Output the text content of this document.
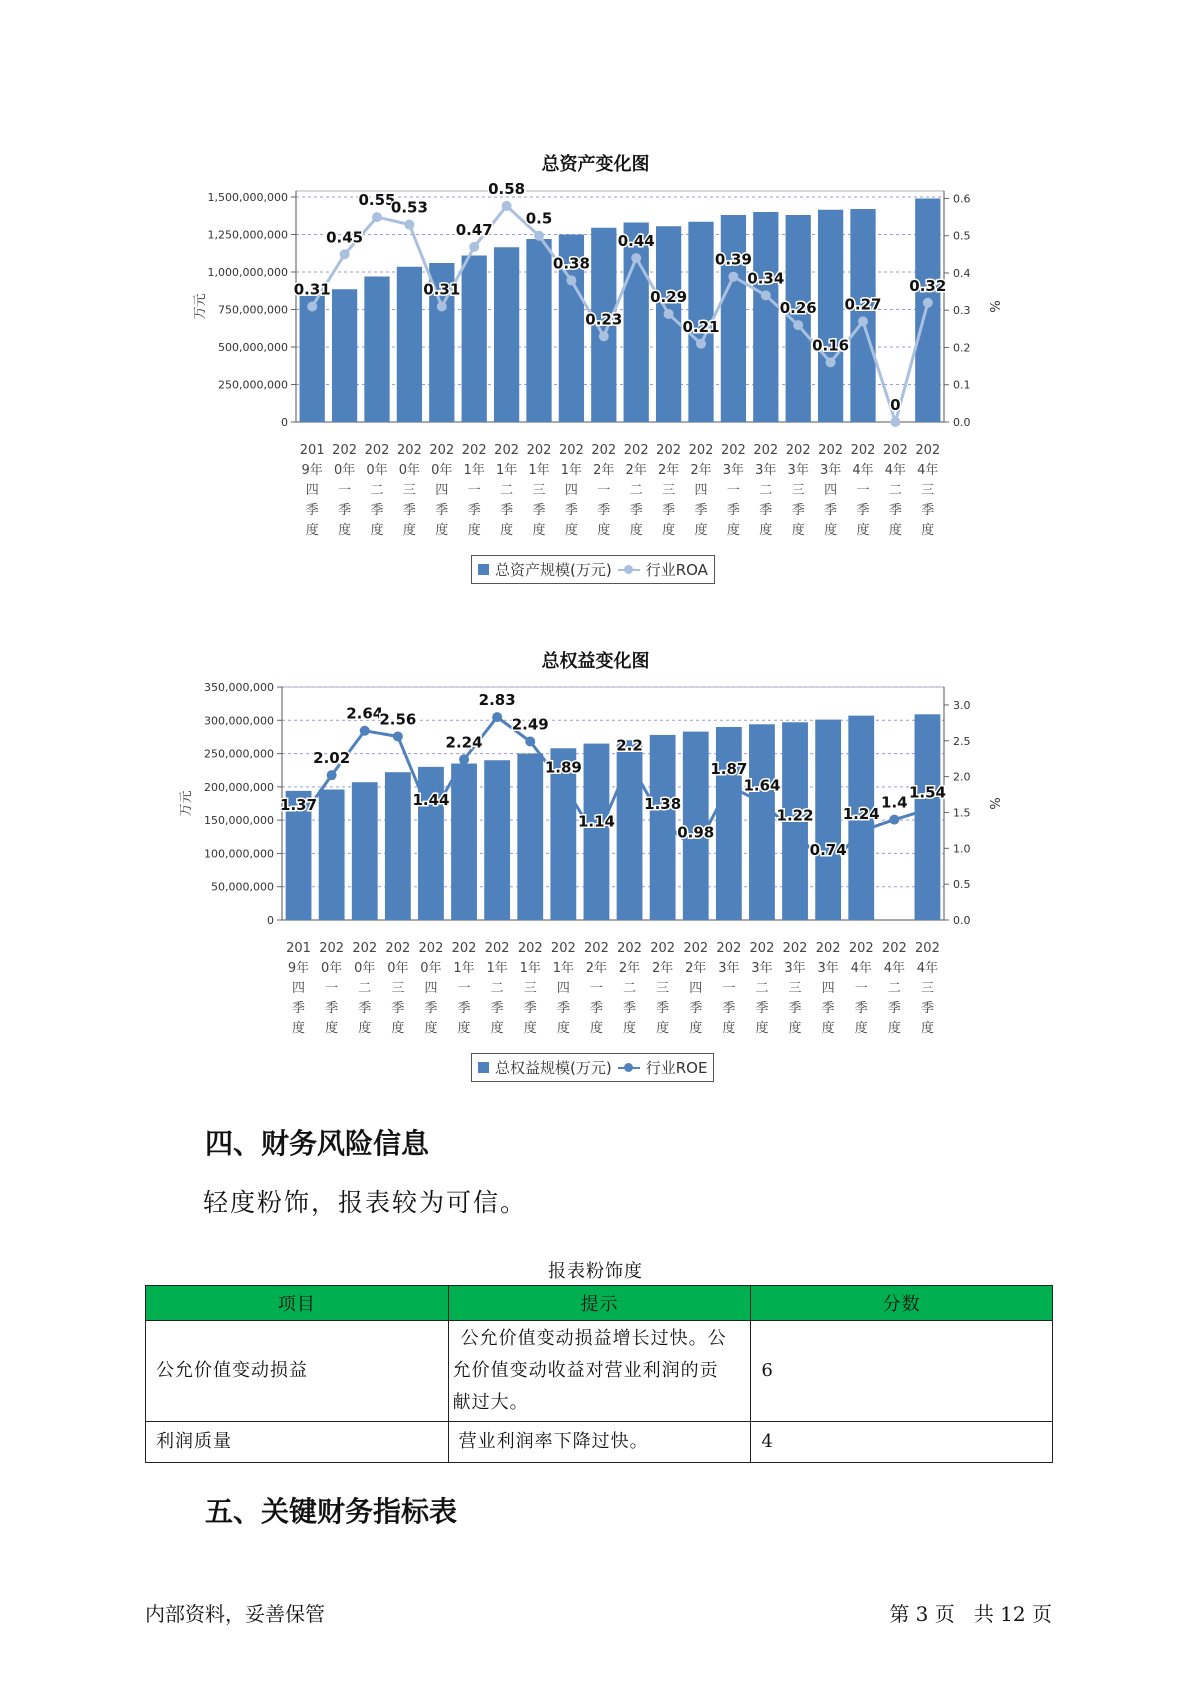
总资产变化图
0
250,000,000
500,000,000
750,000,000
1,000,000,000
1,250,000,000
1,500,000,000
0.0
0.1
0.2
0.3
0.4
0.5
0.6
万元	%
201
9年
四
季
度
202
0年
一
季
度
202
0年
二
季
度
202
0年
三
季
度
202
0年
四
季
度
202
1年
一
季
度
202
1年
二
季
度
202
1年
三
季
度
202
1年
四
季
度
202
2年
一
季
度
202
2年
二
季
度
202
2年
三
季
度
202
2年
四
季
度
202
3年
一
季
度
202
3年
二
季
度
202
3年
三
季
度
202
3年
四
季
度
202
4年
一
季
度
202
4年
二
季
度
202
4年
三
季
度
0.31
0.45
0.55
0.53
0.31
0.47
0.58
0.5
0.38
0.23
0.44
0.29
0.21
0.39
0.34
0.26
0.16
0.27
0
0.32
总资产规模(万元) 行业ROA
总权益变化图
0
50,000,000
100,000,000
150,000,000
200,000,000
250,000,000
300,000,000
350,000,000
0.0
0.5
1.0
1.5
2.0
2.5
3.0
万元	%
201
9年
四
季
度
202
0年
一
季
度
202
0年
二
季
度
202
0年
三
季
度
202
0年
四
季
度
202
1年
一
季
度
202
1年
二
季
度
202
1年
三
季
度
202
1年
四
季
度
202
2年
一
季
度
202
2年
二
季
度
202
2年
三
季
度
202
2年
四
季
度
202
3年
一
季
度
202
3年
二
季
度
202
3年
三
季
度
202
3年
四
季
度
202
4年
一
季
度
202
4年
二
季
度
202
4年
三
季
度
1.37
2.02
2.64
2.56
1.44
2.24
2.83
2.49
1.89
1.14
2.2
1.38
0.98
1.87
1.64
1.22
0.74
1.24
1.4
1.54
总权益规模(万元) 行业ROE
四、财务风险信息
轻度粉饰，报表较为可信。
报表粉饰度
项目	提示	分数
公允价值变动损益	公允价值变动损益增长过快。公
允价值变动收益对营业利润的贡
献过大。	6
利润质量	营业利润率下降过快。	4
五、关键财务指标表
内部资料，妥善保管	第 3 页   共 12 页
